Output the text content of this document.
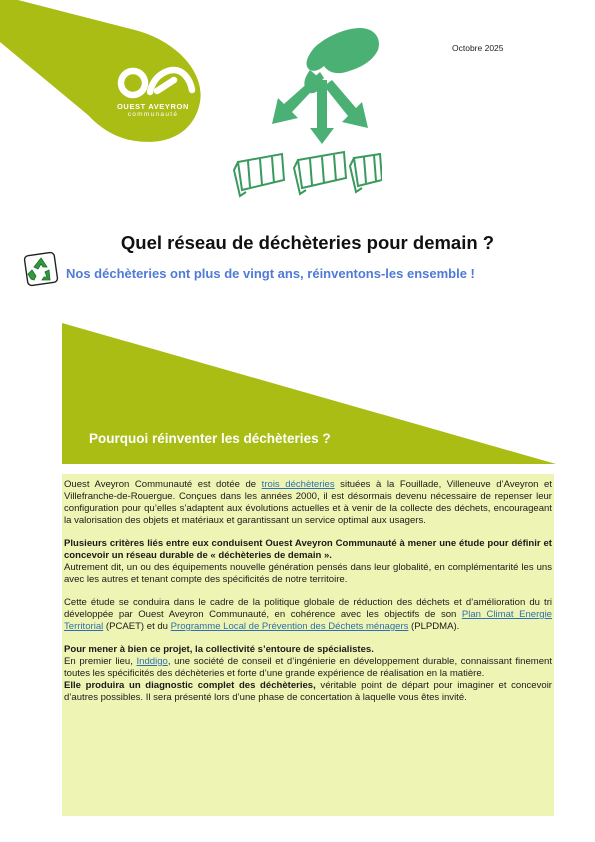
OUEST AVEYRON
communauté
Octobre 2025
Quel réseau de déchèteries pour demain ?
Nos déchèteries ont plus de vingt ans, réinventons-les ensemble !
Pourquoi réinventer les déchèteries ?

Ouest Aveyron Communauté est dotée de trois déchèteries situées à la Fouillade, Villeneuve d’Aveyron et Villefranche-de-Rouergue. Conçues dans les années 2000, il est désormais devenu nécessaire de repenser leur configuration pour qu’elles s’adaptent aux évolutions actuelles et à venir de la collecte des déchets, encourageant la valorisation des objets et matériaux et garantissant un service optimal aux usagers.

Plusieurs critères liés entre eux conduisent Ouest Aveyron Communauté à mener une étude pour définir et concevoir un réseau durable de « déchèteries de demain ».
Autrement dit, un ou des équipements nouvelle génération pensés dans leur globalité, en complémentarité les uns avec les autres et tenant compte des spécificités de notre territoire.

Cette étude se conduira dans le cadre de la politique globale de réduction des déchets et d’amélioration du tri développée par Ouest Aveyron Communauté, en cohérence avec les objectifs de son Plan Climat Energie Territorial (PCAET) et du Programme Local de Prévention des Déchets ménagers (PLPDMA).

Pour mener à bien ce projet, la collectivité s’entoure de spécialistes.
En premier lieu, Inddigo, une société de conseil et d’ingénierie en développement durable, connaissant finement toutes les spécificités des déchèteries et forte d’une grande expérience de réalisation en la matière.
Elle produira un diagnostic complet des déchèteries, véritable point de départ pour imaginer et concevoir d’autres possibles. Il sera présenté lors d’une phase de concertation à laquelle vous êtes invité.
